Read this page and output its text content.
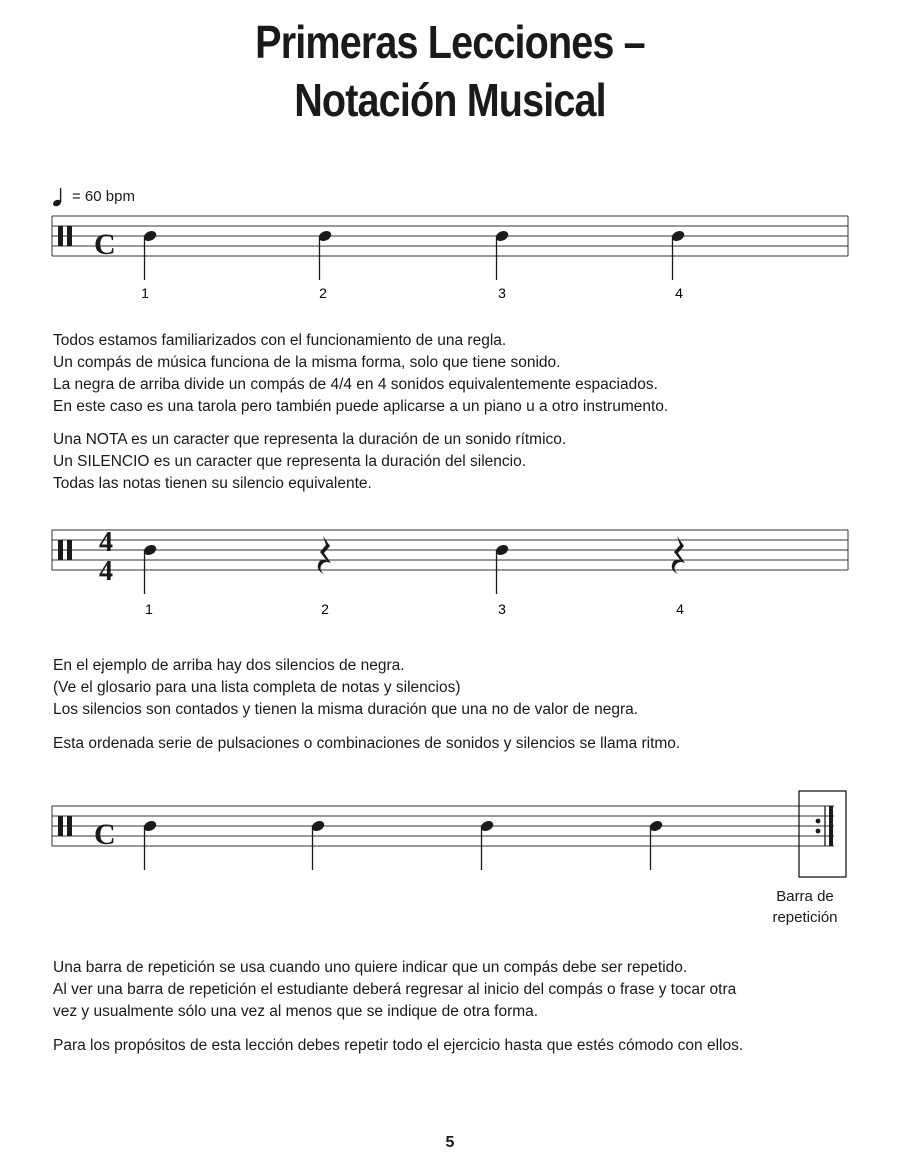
Primeras Lecciones –
Notación Musical
= 60 bpm
C
1	2	3	4

Todos estamos familiarizados con el funcionamiento de una regla.

Un compás de música funciona de la misma forma, solo que tiene sonido.

La negra de arriba divide un compás de 4/4 en 4 sonidos equivalentemente espaciados.

En este caso es una tarola pero también puede aplicarse a un piano u a otro instrumento.

Una NOTA es un caracter que representa la duración de un sonido rítmico.

Un SILENCIO es un caracter que representa la duración del silencio.

Todas las notas tienen su silencio equivalente.

4
4
1	2	3	4

En el ejemplo de arriba hay dos silencios de negra.

(Ve el glosario para una lista completa de notas y silencios)

Los silencios son contados y tienen la misma duración que una no de valor de negra.

Esta ordenada serie de pulsaciones o combinaciones de sonidos y silencios se llama ritmo.

C
Barra de
repetición

Una barra de repetición se usa cuando uno quiere indicar que un compás debe ser repetido.

Al ver una barra de repetición el estudiante deberá regresar al inicio del compás o frase y tocar otra

vez y usualmente sólo una vez al menos que se indique de otra forma.

Para los propósitos de esta lección debes repetir todo el ejercicio hasta que estés cómodo con ellos.

5
